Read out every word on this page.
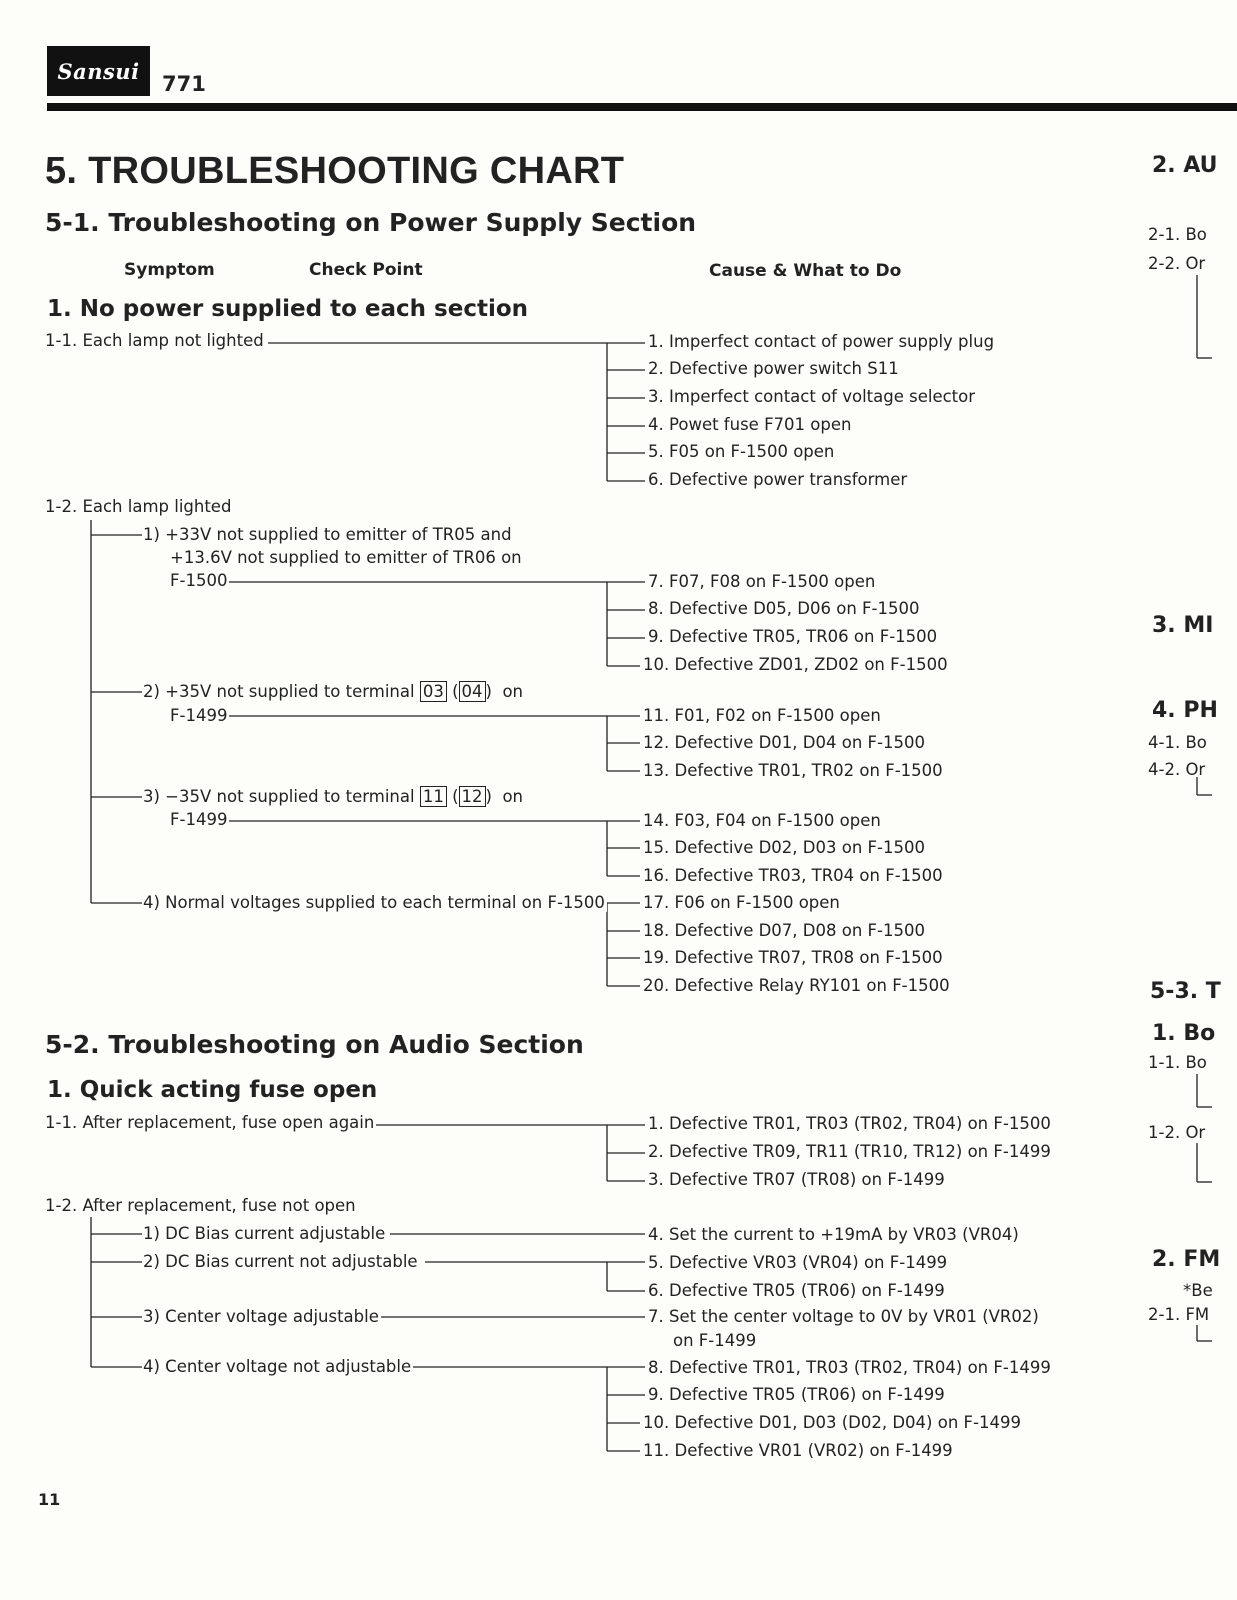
Sansui
771
5. TROUBLESHOOTING CHART
5-1. Troubleshooting on Power Supply Section
Symptom	Check Point	Cause & What to Do
1. No power supplied to each section
1-1. Each lamp not lighted	1. Imperfect contact of power supply plug
2. Defective power switch S11
3. Imperfect contact of voltage selector
4. Powet fuse F701 open
5. F05 on F-1500 open
6. Defective power transformer
1-2. Each lamp lighted
1) +33V not supplied to emitter of TR05 and
+13.6V not supplied to emitter of TR06 on
F-1500	7. F07, F08 on F-1500 open
8. Defective D05, D06 on F-1500
9. Defective TR05, TR06 on F-1500
10. Defective ZD01, ZD02 on F-1500
2) +35V not supplied to terminal 03 ( 04 )  on
F-1499	11. F01, F02 on F-1500 open
12. Defective D01, D04 on F-1500
13. Defective TR01, TR02 on F-1500
3) −35V not supplied to terminal 11 ( 12 )  on
F-1499	14. F03, F04 on F-1500 open
15. Defective D02, D03 on F-1500
16. Defective TR03, TR04 on F-1500
4) Normal voltages supplied to each terminal on F-1500 17. F06 on F-1500 open
18. Defective D07, D08 on F-1500
19. Defective TR07, TR08 on F-1500
20. Defective Relay RY101 on F-1500
5-2. Troubleshooting on Audio Section
1. Quick acting fuse open
1-1. After replacement, fuse open again	1. Defective TR01, TR03 (TR02, TR04) on F-1500
2. Defective TR09, TR11 (TR10, TR12) on F-1499
3. Defective TR07 (TR08) on F-1499
1-2. After replacement, fuse not open
1) DC Bias current adjustable	4. Set the current to +19mA by VR03 (VR04)
2) DC Bias current not adjustable	5. Defective VR03 (VR04) on F-1499
6. Defective TR05 (TR06) on F-1499
3) Center voltage adjustable	7. Set the center voltage to 0V by VR01 (VR02)
on F-1499
4) Center voltage not adjustable	8. Defective TR01, TR03 (TR02, TR04) on F-1499
9. Defective TR05 (TR06) on F-1499
10. Defective D01, D03 (D02, D04) on F-1499
11. Defective VR01 (VR02) on F-1499
2. AU
2-1. Bo
2-2. Or
3. MI
4. PH
4-1. Bo
4-2. Or
5-3. T
1. Bo
1-1. Bo
1-2. Or
2. FM
*Be
2-1. FM
11
